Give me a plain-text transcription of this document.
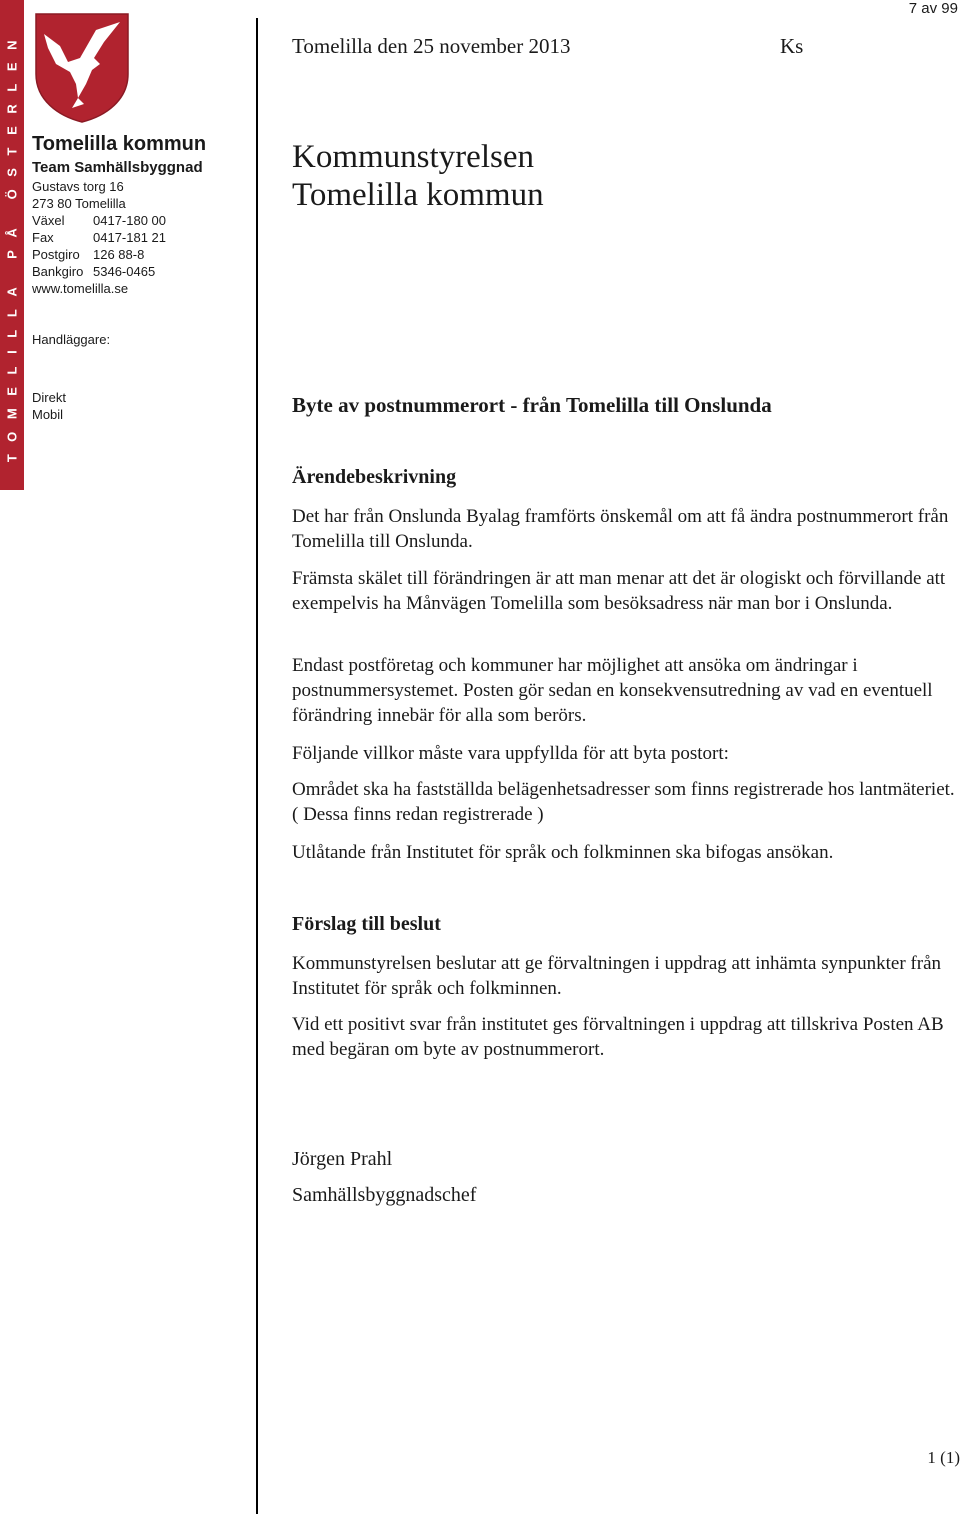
TOMELILLA PÅ ÖSTERLEN
7 av 99
Tomelilla kommun
Team Samhällsbyggnad
Gustavs torg 16
273 80 Tomelilla
Växel	0417-180 00
Fax	0417-181 21
Postgiro	126 88-8
Bankgiro 5346-0465
www.tomelilla.se
Handläggare:
Direkt
Mobil
Tomelilla den 25 november 2013	Ks
Kommunstyrelsen
Tomelilla kommun
Byte av postnummerort - från Tomelilla till Onslunda
Ärendebeskrivning
Det har från Onslunda Byalag framförts önskemål om att få ändra postnummerort från Tomelilla till Onslunda.
Främsta skälet till förändringen är att man menar att det är ologiskt och förvillande att exempelvis ha Månvägen Tomelilla som besöksadress när man bor i Onslunda.
Endast postföretag och kommuner har möjlighet att ansöka om ändringar i postnummersystemet. Posten gör sedan en konsekvensutredning av vad en eventuell förändring innebär för alla som berörs.
Följande villkor måste vara uppfyllda för att byta postort:
Området ska ha fastställda belägenhetsadresser som finns registrerade hos lantmäteriet. ( Dessa finns redan registrerade )
Utlåtande från Institutet för språk och folkminnen ska bifogas ansökan.
Förslag till beslut
Kommunstyrelsen beslutar att ge förvaltningen i uppdrag att inhämta synpunkter från Institutet för språk och folkminnen.
Vid ett positivt svar från institutet ges förvaltningen i uppdrag att tillskriva Posten AB med begäran om byte av postnummerort.
Jörgen Prahl
Samhällsbyggnadschef
1 (1)
